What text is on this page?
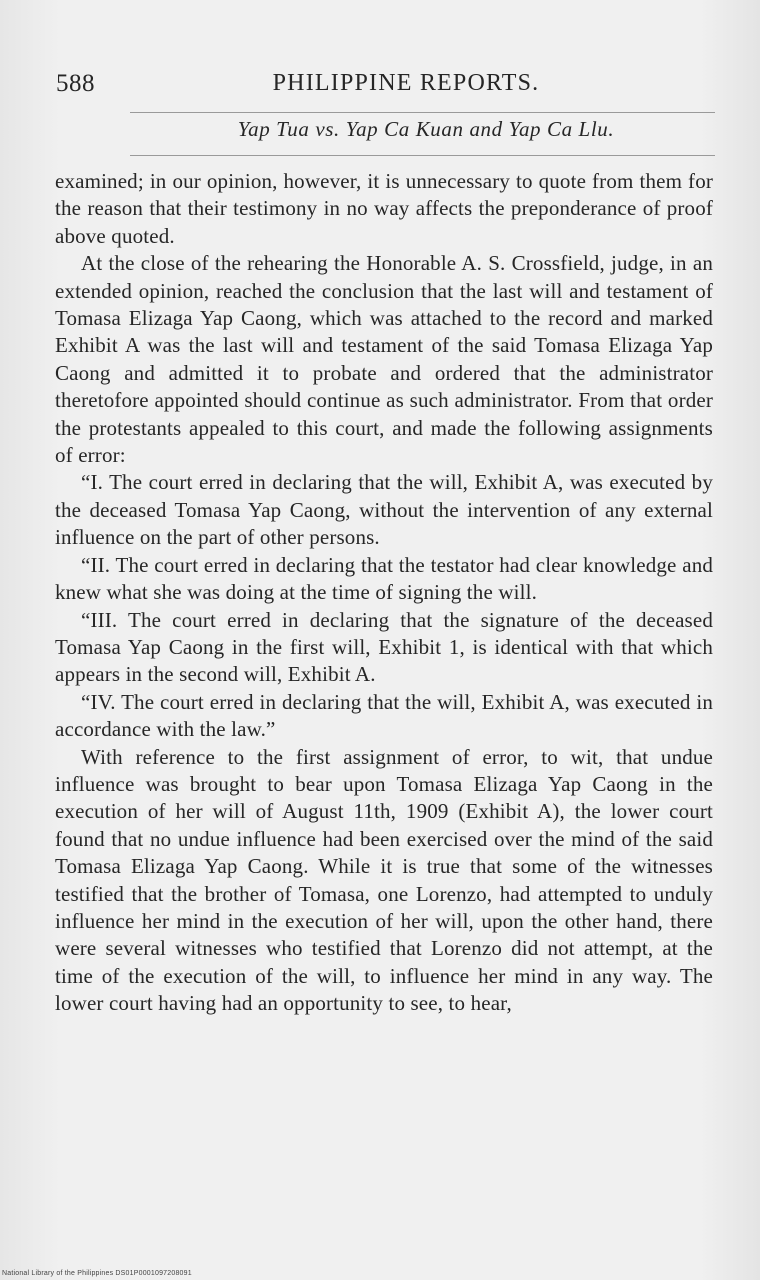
588	PHILIPPINE REPORTS.
Yap Tua vs. Yap Ca Kuan and Yap Ca Llu.

examined; in our opinion, however, it is unnecessary to quote from them for the reason that their testimony in no way affects the preponderance of proof above quoted.

At the close of the rehearing the Honorable A. S. Crossfield, judge, in an extended opinion, reached the conclusion that the last will and testament of Tomasa Elizaga Yap Caong, which was attached to the record and marked Exhibit A was the last will and testament of the said Tomasa Elizaga Yap Caong and admitted it to probate and ordered that the administrator theretofore appointed should continue as such administrator. From that order the protestants appealed to this court, and made the following assignments of error:

“I. The court erred in declaring that the will, Exhibit A, was executed by the deceased Tomasa Yap Caong, without the intervention of any external influence on the part of other persons.

“II. The court erred in declaring that the testator had clear knowledge and knew what she was doing at the time of signing the will.

“III. The court erred in declaring that the signature of the deceased Tomasa Yap Caong in the first will, Exhibit 1, is identical with that which appears in the second will, Exhibit A.

“IV. The court erred in declaring that the will, Exhibit A, was executed in accordance with the law.”

With reference to the first assignment of error, to wit, that undue influence was brought to bear upon Tomasa Elizaga Yap Caong in the execution of her will of August 11th, 1909 (Exhibit A), the lower court found that no undue influence had been exercised over the mind of the said Tomasa Elizaga Yap Caong. While it is true that some of the witnesses testified that the brother of Tomasa, one Lorenzo, had attempted to unduly influence her mind in the execution of her will, upon the other hand, there were several witnesses who testified that Lorenzo did not attempt, at the time of the execution of the will, to influence her mind in any way. The lower court having had an opportunity to see, to hear,

National Library of the Philippines DS01P0001097208091
